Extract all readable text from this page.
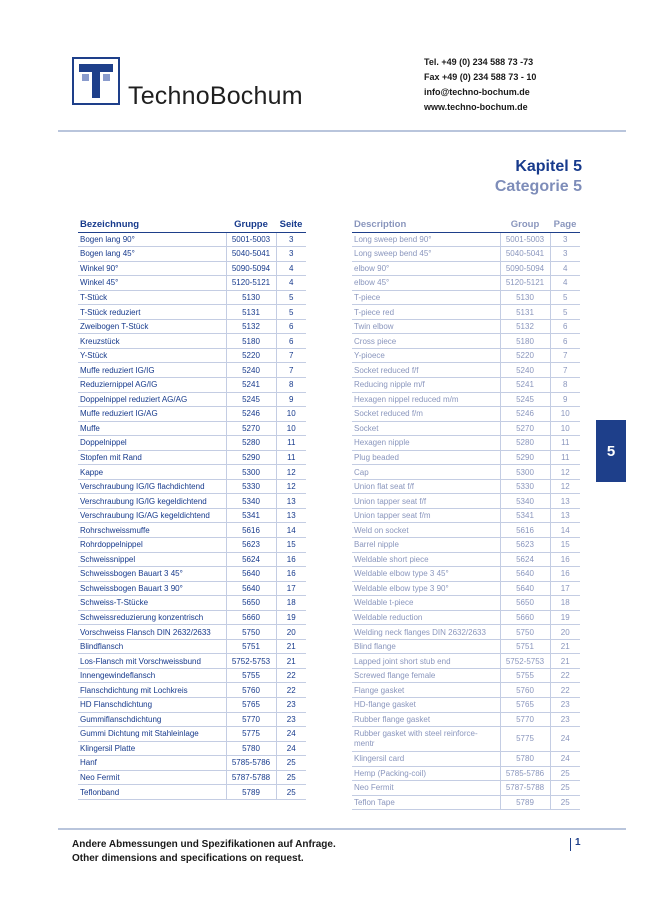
TechnoBochum
Tel. +49 (0) 234 588 73 -73
Fax +49 (0) 234 588 73 - 10
info@techno-bochum.de
www.techno-bochum.de
Kapitel 5
Categorie 5
Bezeichnung	Gruppe	Seite
Bogen lang 90°	5001-5003	3
Bogen lang 45°	5040-5041	3
Winkel 90°	5090-5094	4
Winkel 45°	5120-5121	4
T-Stück	5130	5
T-Stück reduziert	5131	5
Zweibogen T-Stück	5132	6
Kreuzstück	5180	6
Y-Stück	5220	7
Muffe reduziert IG/IG	5240	7
Reduziernippel AG/IG	5241	8
Doppelnippel reduziert AG/AG	5245	9
Muffe reduziert IG/AG	5246	10
Muffe	5270	10
Doppelnippel	5280	11
Stopfen mit Rand	5290	11
Kappe	5300	12
Verschraubung IG/IG flachdichtend	5330	12
Verschraubung IG/IG kegeldichtend	5340	13
Verschraubung IG/AG kegeldichtend	5341	13
Rohrschweissmuffe	5616	14
Rohrdoppelnippel	5623	15
Schweissnippel	5624	16
Schweissbogen Bauart 3 45°	5640	16
Schweissbogen Bauart 3 90°	5640	17
Schweiss-T-Stücke	5650	18
Schweissreduzierung konzentrisch	5660	19
Vorschweiss Flansch DIN 2632/2633	5750	20
Blindflansch	5751	21
Los-Flansch mit Vorschweissbund	5752-5753	21
Innengewindeflansch	5755	22
Flanschdichtung mit Lochkreis	5760	22
HD Flanschdichtung	5765	23
Gummiflanschdichtung	5770	23
Gummi Dichtung mit Stahleinlage	5775	24
Klingersil Platte	5780	24
Hanf	5785-5786	25
Neo Fermit	5787-5788	25
Teflonband	5789	25
Description	Group	Page
Long sweep bend 90°	5001-5003	3
Long sweep bend 45°	5040-5041	3
elbow 90°	5090-5094	4
elbow 45°	5120-5121	4
T-piece	5130	5
T-piece red	5131	5
Twin elbow	5132	6
Cross piece	5180	6
Y-pioece	5220	7
Socket reduced f/f	5240	7
Reducing nipple m/f	5241	8
Hexagen nippel reduced m/m	5245	9
Socket reduced f/m	5246	10
Socket	5270	10
Hexagen nipple	5280	11
Plug beaded	5290	11
Cap	5300	12
Union flat seat f/f	5330	12
Union tapper seat f/f	5340	13
Union tapper seat f/m	5341	13
Weld on socket	5616	14
Barrel nipple	5623	15
Weldable short piece	5624	16
Weldable elbow type 3 45°	5640	16
Weldable elbow type 3 90°	5640	17
Weldable t-piece	5650	18
Weldable reduction	5660	19
Welding neck flanges DIN 2632/2633	5750	20
Blind flange	5751	21
Lapped joint short stub end	5752-5753	21
Screwed flange female	5755	22
Flange gasket	5760	22
HD-flange gasket	5765	23
Rubber flange gasket	5770	23
Rubber gasket with steel reinforce-mentr	5775	24
Klingersil card	5780	24
Hemp (Packing-coil)	5785-5786	25
Neo Fermit	5787-5788	25
Teflon Tape	5789	25
5
Andere Abmessungen und Spezifikationen auf Anfrage.
Other dimensions and specifications on request.
1
